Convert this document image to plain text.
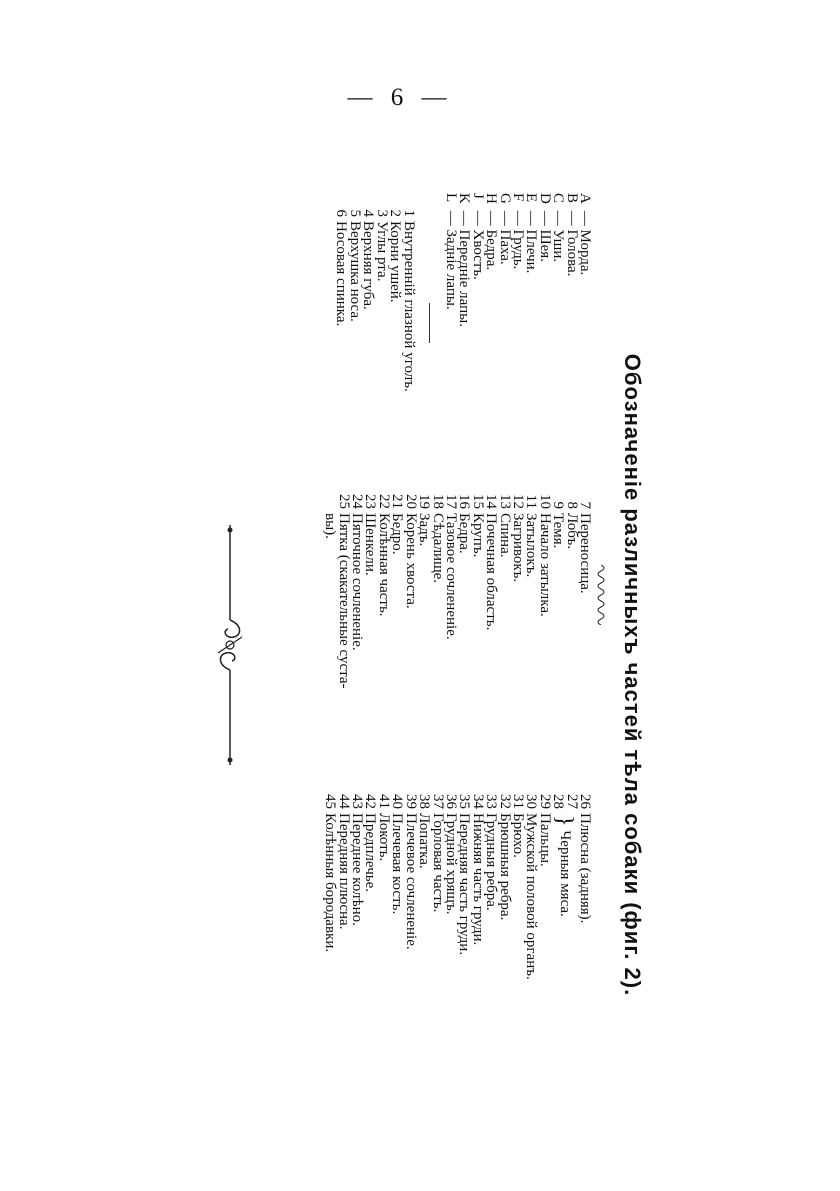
— 6 —
Обозначеніе различныхъ частей тѣла собаки (фиг. 2).
A — Морда.
B — Голова.
C — Уши.
D — Шея.
E — Плечи.
F — Грудь.
G — Паха.
H — Бедра.
J — Хвостъ.
K — Передніе лапы.
L — Задніе лапы.
1Внутренній глазной уголъ.
2Корни ушей.
3Углы рта.
4Верхняя губа.
5Верхушка носа.
6Носовая спинка.
7Переносица.
8Лобъ.
9Темя.
10Начало затылка.
11Затылокъ.
12Загривокъ.
13Спина.
14Почечная область.
15Крупъ.
16Бедра.
17Тазовое сочлененіе.
18Сѣдалище.
19Задъ.
20Корень хвоста.
21Бедро.
22Колѣнная часть.
23Шенкели.
24Пяточное сочлененіе.
25Пятка (скакательные суста-
вы).
26Плюсна (задняя).
27
28
}
Черныя мяса.
29Пальцы.
30Мужской половой органъ.
31Брюхо.
32Брюшныя ребра.
33Грудныя ребра.
34Нижняя часть груди.
35Передняя часть груди.
36Грудной хрящъ.
37Горловая часть.
38Лопатка.
39Плечевое сочлененіе.
40Плечевая кость.
41Локоть.
42Предплечье.
43Переднее колѣно.
44Передняя плюсна.
45Колѣнныя бородавки.
